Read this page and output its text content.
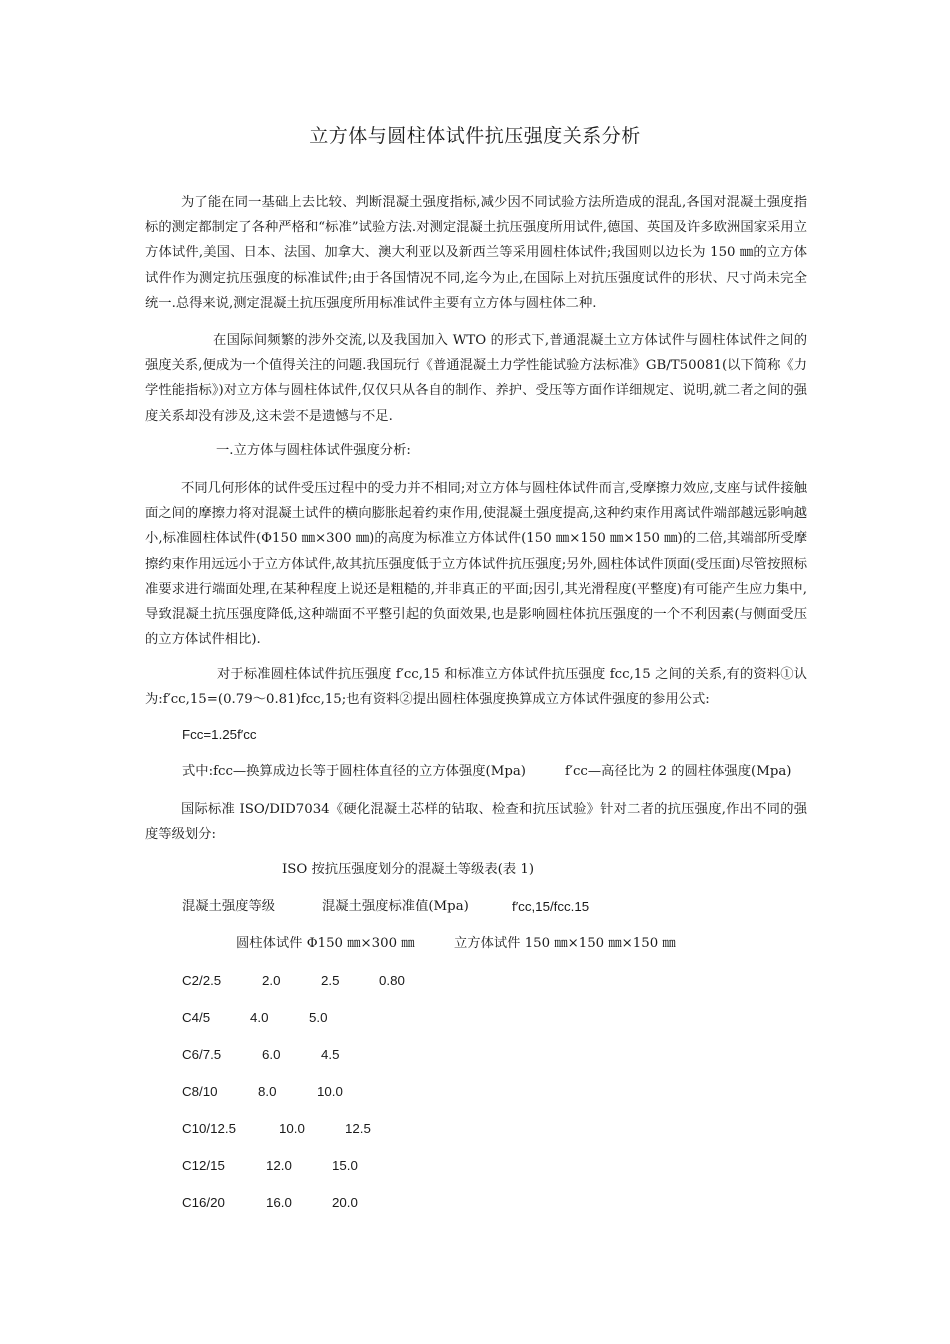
立方体与圆柱体试件抗压强度关系分析
为了能在同一基础上去比较、判断混凝土强度指标,减少因不同试验方法所造成的混乱,各国对混凝土强度指标的测定都制定了各种严格和“标准”试验方法.对测定混凝土抗压强度所用试件,德国、英国及许多欧洲国家采用立方体试件,美国、日本、法国、加拿大、澳大利亚以及新西兰等采用圆柱体试件;我国则以边长为 150 ㎜的立方体试件作为测定抗压强度的标准试件;由于各国情况不同,迄今为止,在国际上对抗压强度试件的形状、尺寸尚未完全统一.总得来说,测定混凝土抗压强度所用标准试件主要有立方体与圆柱体二种.
在国际间频繁的涉外交流,以及我国加入 WTO 的形式下,普通混凝土立方体试件与圆柱体试件之间的强度关系,便成为一个值得关注的问题.我国玩行《普通混凝土力学性能试验方法标准》GB/T50081(以下简称《力学性能指标》)对立方体与圆柱体试件,仅仅只从各自的制作、养护、受压等方面作详细规定、说明,就二者之间的强度关系却没有涉及,这未尝不是遗憾与不足.
一.立方体与圆柱体试件强度分析:
不同几何形体的试件受压过程中的受力并不相同;对立方体与圆柱体试件而言,受摩擦力效应,支座与试件接触面之间的摩擦力将对混凝土试件的横向膨胀起着约束作用,使混凝土强度提高,这种约束作用离试件端部越远影响越小,标准圆柱体试件(Φ150 ㎜×300 ㎜)的高度为标准立方体试件(150 ㎜×150 ㎜×150 ㎜)的二倍,其端部所受摩擦约束作用远远小于立方体试件,故其抗压强度低于立方体试件抗压强度;另外,圆柱体试件顶面(受压面)尽管按照标准要求进行端面处理,在某种程度上说还是粗糙的,并非真正的平面;因引,其光滑程度(平整度)有可能产生应力集中,导致混凝土抗压强度降低,这种端面不平整引起的负面效果,也是影响圆柱体抗压强度的一个不利因素(与侧面受压的立方体试件相比).
对于标准圆柱体试件抗压强度 f′cc,15 和标准立方体试件抗压强度 fcc,15 之间的关系,有的资料①认为:f′cc,15=(0.79～0.81)fcc,15;也有资料②提出圆柱体强度换算成立方体试件强度的参用公式:
Fcc=1.25f′cc
式中:fcc—换算成边长等于圆柱体直径的立方体强度(Mpa)	f′cc—高径比为 2 的圆柱体强度(Mpa)
国际标准 ISO/DID7034《硬化混凝土芯样的钻取、检查和抗压试验》针对二者的抗压强度,作出不同的强度等级划分:
ISO 按抗压强度划分的混凝土等级表(表 1)
混凝土强度等级	混凝土强度标准值(Mpa)	f′cc,15/fcc.15
圆柱体试件 Φ150 ㎜×300 ㎜	立方体试件 150 ㎜×150 ㎜×150 ㎜
C2/2.5	2.0	2.5	0.80
C4/5	4.0	5.0
C6/7.5	6.0	4.5
C8/10	8.0	10.0
C10/12.5	10.0	12.5
C12/15	12.0	15.0
C16/20	16.0	20.0
